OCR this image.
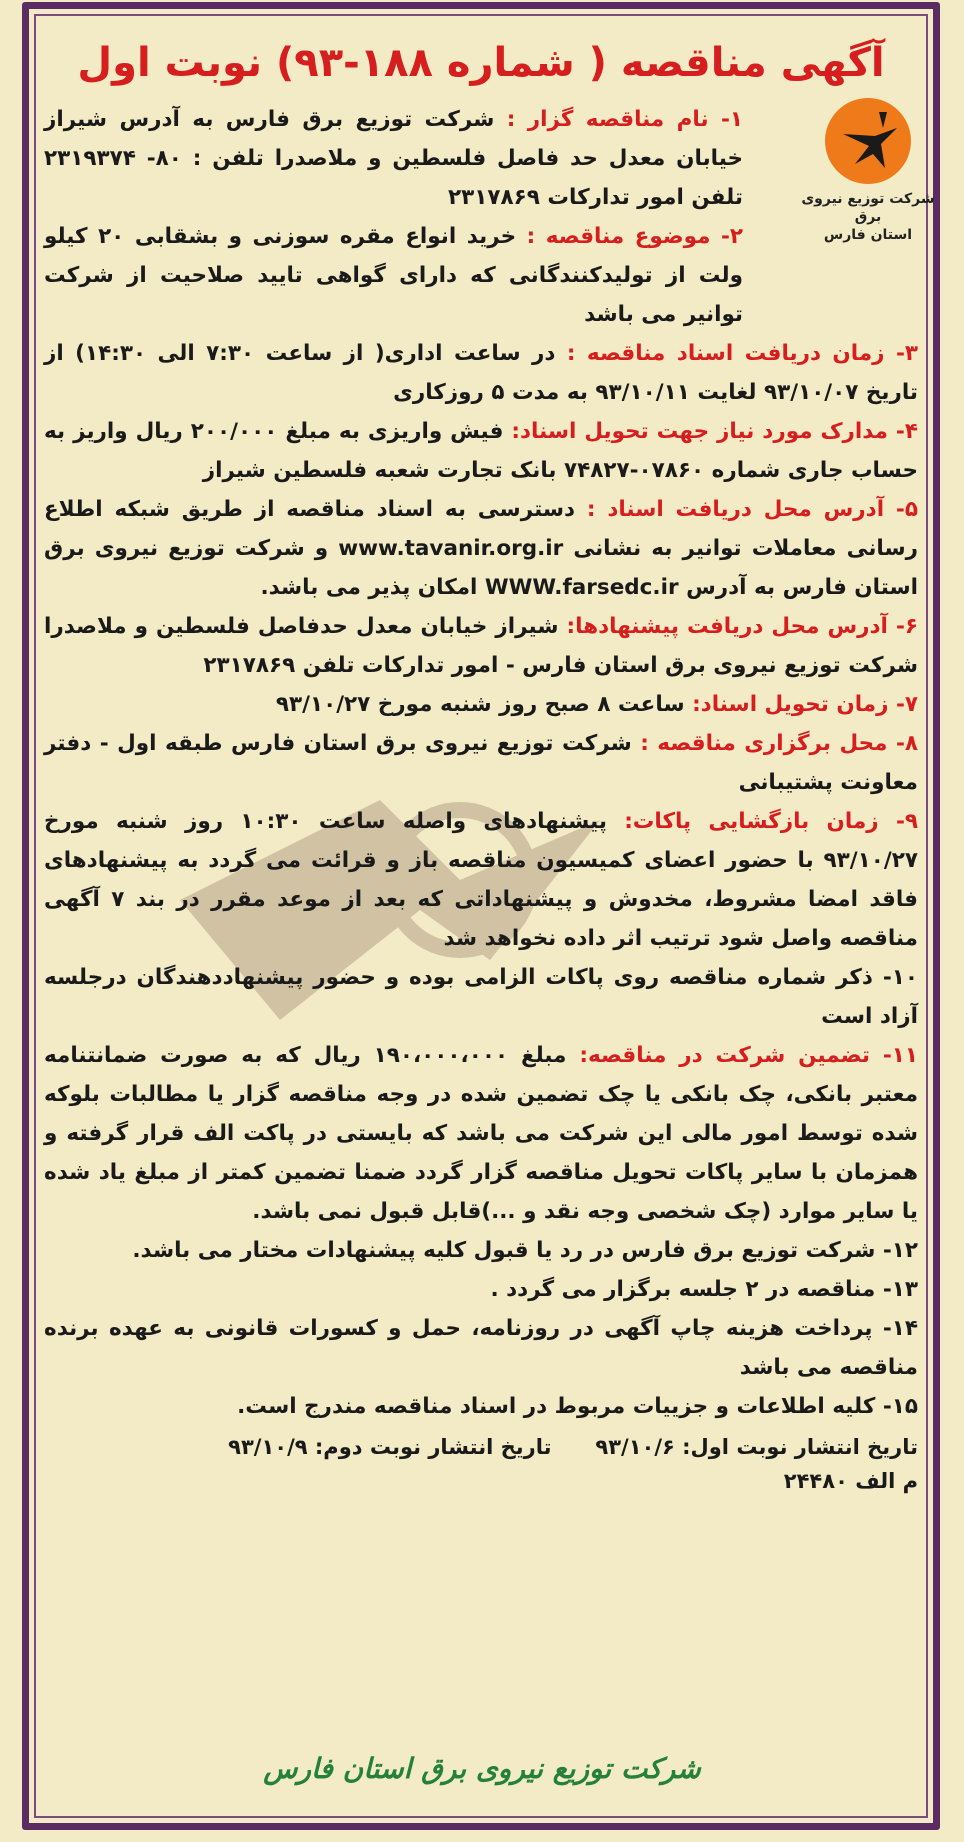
شرکت توزیع نیروی برق
استان فارس
آگهی مناقصه ( شماره ۱۸۸-۹۳) نوبت اول

۱- نام مناقصه گزار : شرکت توزیع برق فارس به آدرس شیراز خیابان معدل حد فاصل فلسطین و ملاصدرا تلفن : ۸۰- ۲۳۱۹۳۷۴ تلفن امور تدارکات ۲۳۱۷۸۶۹

۲- موضوع مناقصه : خرید انواع مقره سوزنی و بشقابی ۲۰ کیلو ولت از تولیدکنندگانی که دارای گواهی تایید صلاحیت از شرکت توانیر می باشد

۳- زمان دریافت اسناد مناقصه : در ساعت اداری( از ساعت ۷:۳۰ الی ۱۴:۳۰) از تاریخ ۹۳/۱۰/۰۷ لغایت ۹۳/۱۰/۱۱ به مدت ۵ روزکاری

۴- مدارک مورد نیاز جهت تحویل اسناد: فیش واریزی به مبلغ ۲۰۰/۰۰۰ ریال واریز به حساب جاری شماره ۰۷۸۶۰-۷۴۸۲۷ بانک تجارت شعبه فلسطین شیراز

۵- آدرس محل دریافت اسناد : دسترسی به اسناد مناقصه از طریق شبکه اطلاع رسانی معاملات توانیر به نشانی www.tavanir.org.ir و شرکت توزیع نیروی برق استان فارس به آدرس WWW.farsedc.ir امکان پذیر می باشد.

۶- آدرس محل دریافت پیشنهادها: شیراز خیابان معدل حدفاصل فلسطین و ملاصدرا شرکت توزیع نیروی برق استان فارس - امور تدارکات تلفن ۲۳۱۷۸۶۹

۷- زمان تحویل اسناد: ساعت ۸ صبح روز شنبه مورخ ۹۳/۱۰/۲۷

۸- محل برگزاری مناقصه : شرکت توزیع نیروی برق استان فارس طبقه اول - دفتر معاونت پشتیبانی

۹- زمان بازگشایی پاکات: پیشنهادهای واصله ساعت ۱۰:۳۰ روز شنبه مورخ ۹۳/۱۰/۲۷ با حضور اعضای کمیسیون مناقصه باز و قرائت می گردد به پیشنهادهای فاقد امضا مشروط، مخدوش و پیشنهاداتی که بعد از موعد مقرر در بند ۷ آگهی مناقصه واصل شود ترتیب اثر داده نخواهد شد

۱۰- ذکر شماره مناقصه روی پاکات الزامی بوده و حضور پیشنهاددهندگان درجلسه آزاد است

۱۱- تضمین شرکت در مناقصه: مبلغ ۱۹۰،۰۰۰،۰۰۰ ریال که به صورت ضمانتنامه معتبر بانکی، چک بانکی یا چک تضمین شده در وجه مناقصه گزار یا مطالبات بلوکه شده توسط امور مالی این شرکت می باشد که بایستی در پاکت الف قرار گرفته و همزمان با سایر پاکات تحویل مناقصه گزار گردد ضمنا تضمین کمتر از مبلغ یاد شده یا سایر موارد (چک شخصی وجه نقد و ...)قابل قبول نمی باشد.

۱۲- شرکت توزیع برق فارس در رد یا قبول کلیه پیشنهادات مختار می باشد.

۱۳- مناقصه در ۲ جلسه برگزار می گردد .

۱۴- پرداخت هزینه چاپ آگهی در روزنامه، حمل و کسورات قانونی به عهده برنده مناقصه می باشد

۱۵- کلیه اطلاعات و جزییات مربوط در اسناد مناقصه مندرج است.

تاریخ انتشار نوبت اول: ۹۳/۱۰/۶      تاریخ انتشار نوبت دوم: ۹۳/۱۰/۹
م الف ۲۴۴۸۰
شرکت توزیع نیروی برق استان فارس
